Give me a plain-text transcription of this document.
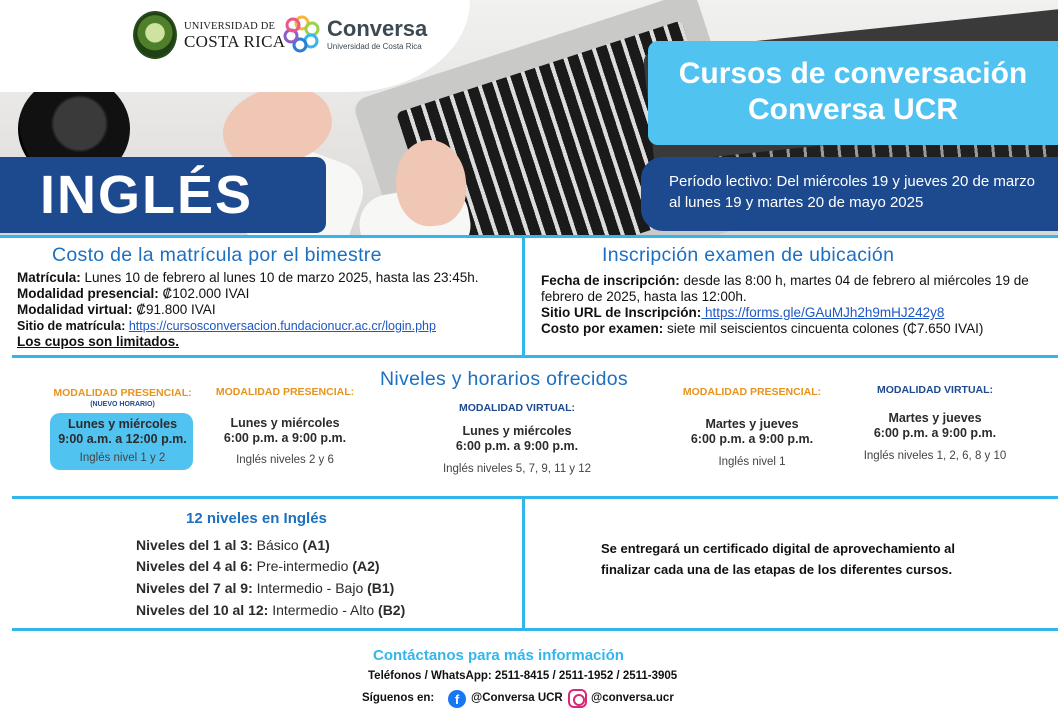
UNIVERSIDAD DE
COSTA RICA Conversa
Universidad de Costa Rica
Cursos de conversación
Conversa UCR
Período lectivo: Del miércoles 19 y jueves 20 de marzo al lunes 19 y martes 20 de mayo 2025
INGLÉS
Costo de la matrícula por el bimestre
Matrícula: Lunes 10 de febrero al lunes 10 de marzo 2025, hasta las 23:45h.
Modalidad presencial: ₡102.000 IVAI
Modalidad virtual: ₡91.800 IVAI
Sitio de matrícula: https://cursosconversacion.fundacionucr.ac.cr/login.php
Los cupos son limitados.
Inscripción examen de ubicación
Fecha de inscripción: desde las 8:00 h, martes 04 de febrero al miércoles 19 de febrero de 2025, hasta las 12:00h.
Sitio URL de Inscripción: https://forms.gle/GAuMJh2h9mHJ242y8
Costo por examen: siete mil seiscientos cincuenta colones (₵7.650 IVAI)
Niveles y horarios ofrecidos
MODALIDAD PRESENCIAL:
(NUEVO HORARIO)
Lunes y miércoles
9:00 a.m. a 12:00 p.m.
Inglés nivel 1 y 2
MODALIDAD PRESENCIAL:
Lunes y miércoles
6:00 p.m. a 9:00 p.m.
Inglés niveles 2 y 6
MODALIDAD VIRTUAL:
Lunes y miércoles
6:00 p.m. a 9:00 p.m.
Inglés niveles 5, 7, 9, 11 y 12
MODALIDAD PRESENCIAL:
Martes y jueves
6:00 p.m. a 9:00 p.m.
Inglés nivel 1
MODALIDAD VIRTUAL:
Martes y jueves
6:00 p.m. a 9:00 p.m.
Inglés niveles 1, 2, 6, 8 y 10
12 niveles en Inglés
Niveles del 1 al 3: Básico (A1)
Niveles del 4 al 6: Pre-intermedio (A2)
Niveles del 7 al 9: Intermedio - Bajo (B1)
Niveles del 10 al 12: Intermedio - Alto (B2)
Se entregará un certificado digital de aprovechamiento al finalizar cada una de las etapas de los diferentes cursos.
Contáctanos para más información
Teléfonos / WhatsApp: 2511-8415 / 2511-1952 / 2511-3905
Síguenos en:	f	@Conversa UCR @conversa.ucr
